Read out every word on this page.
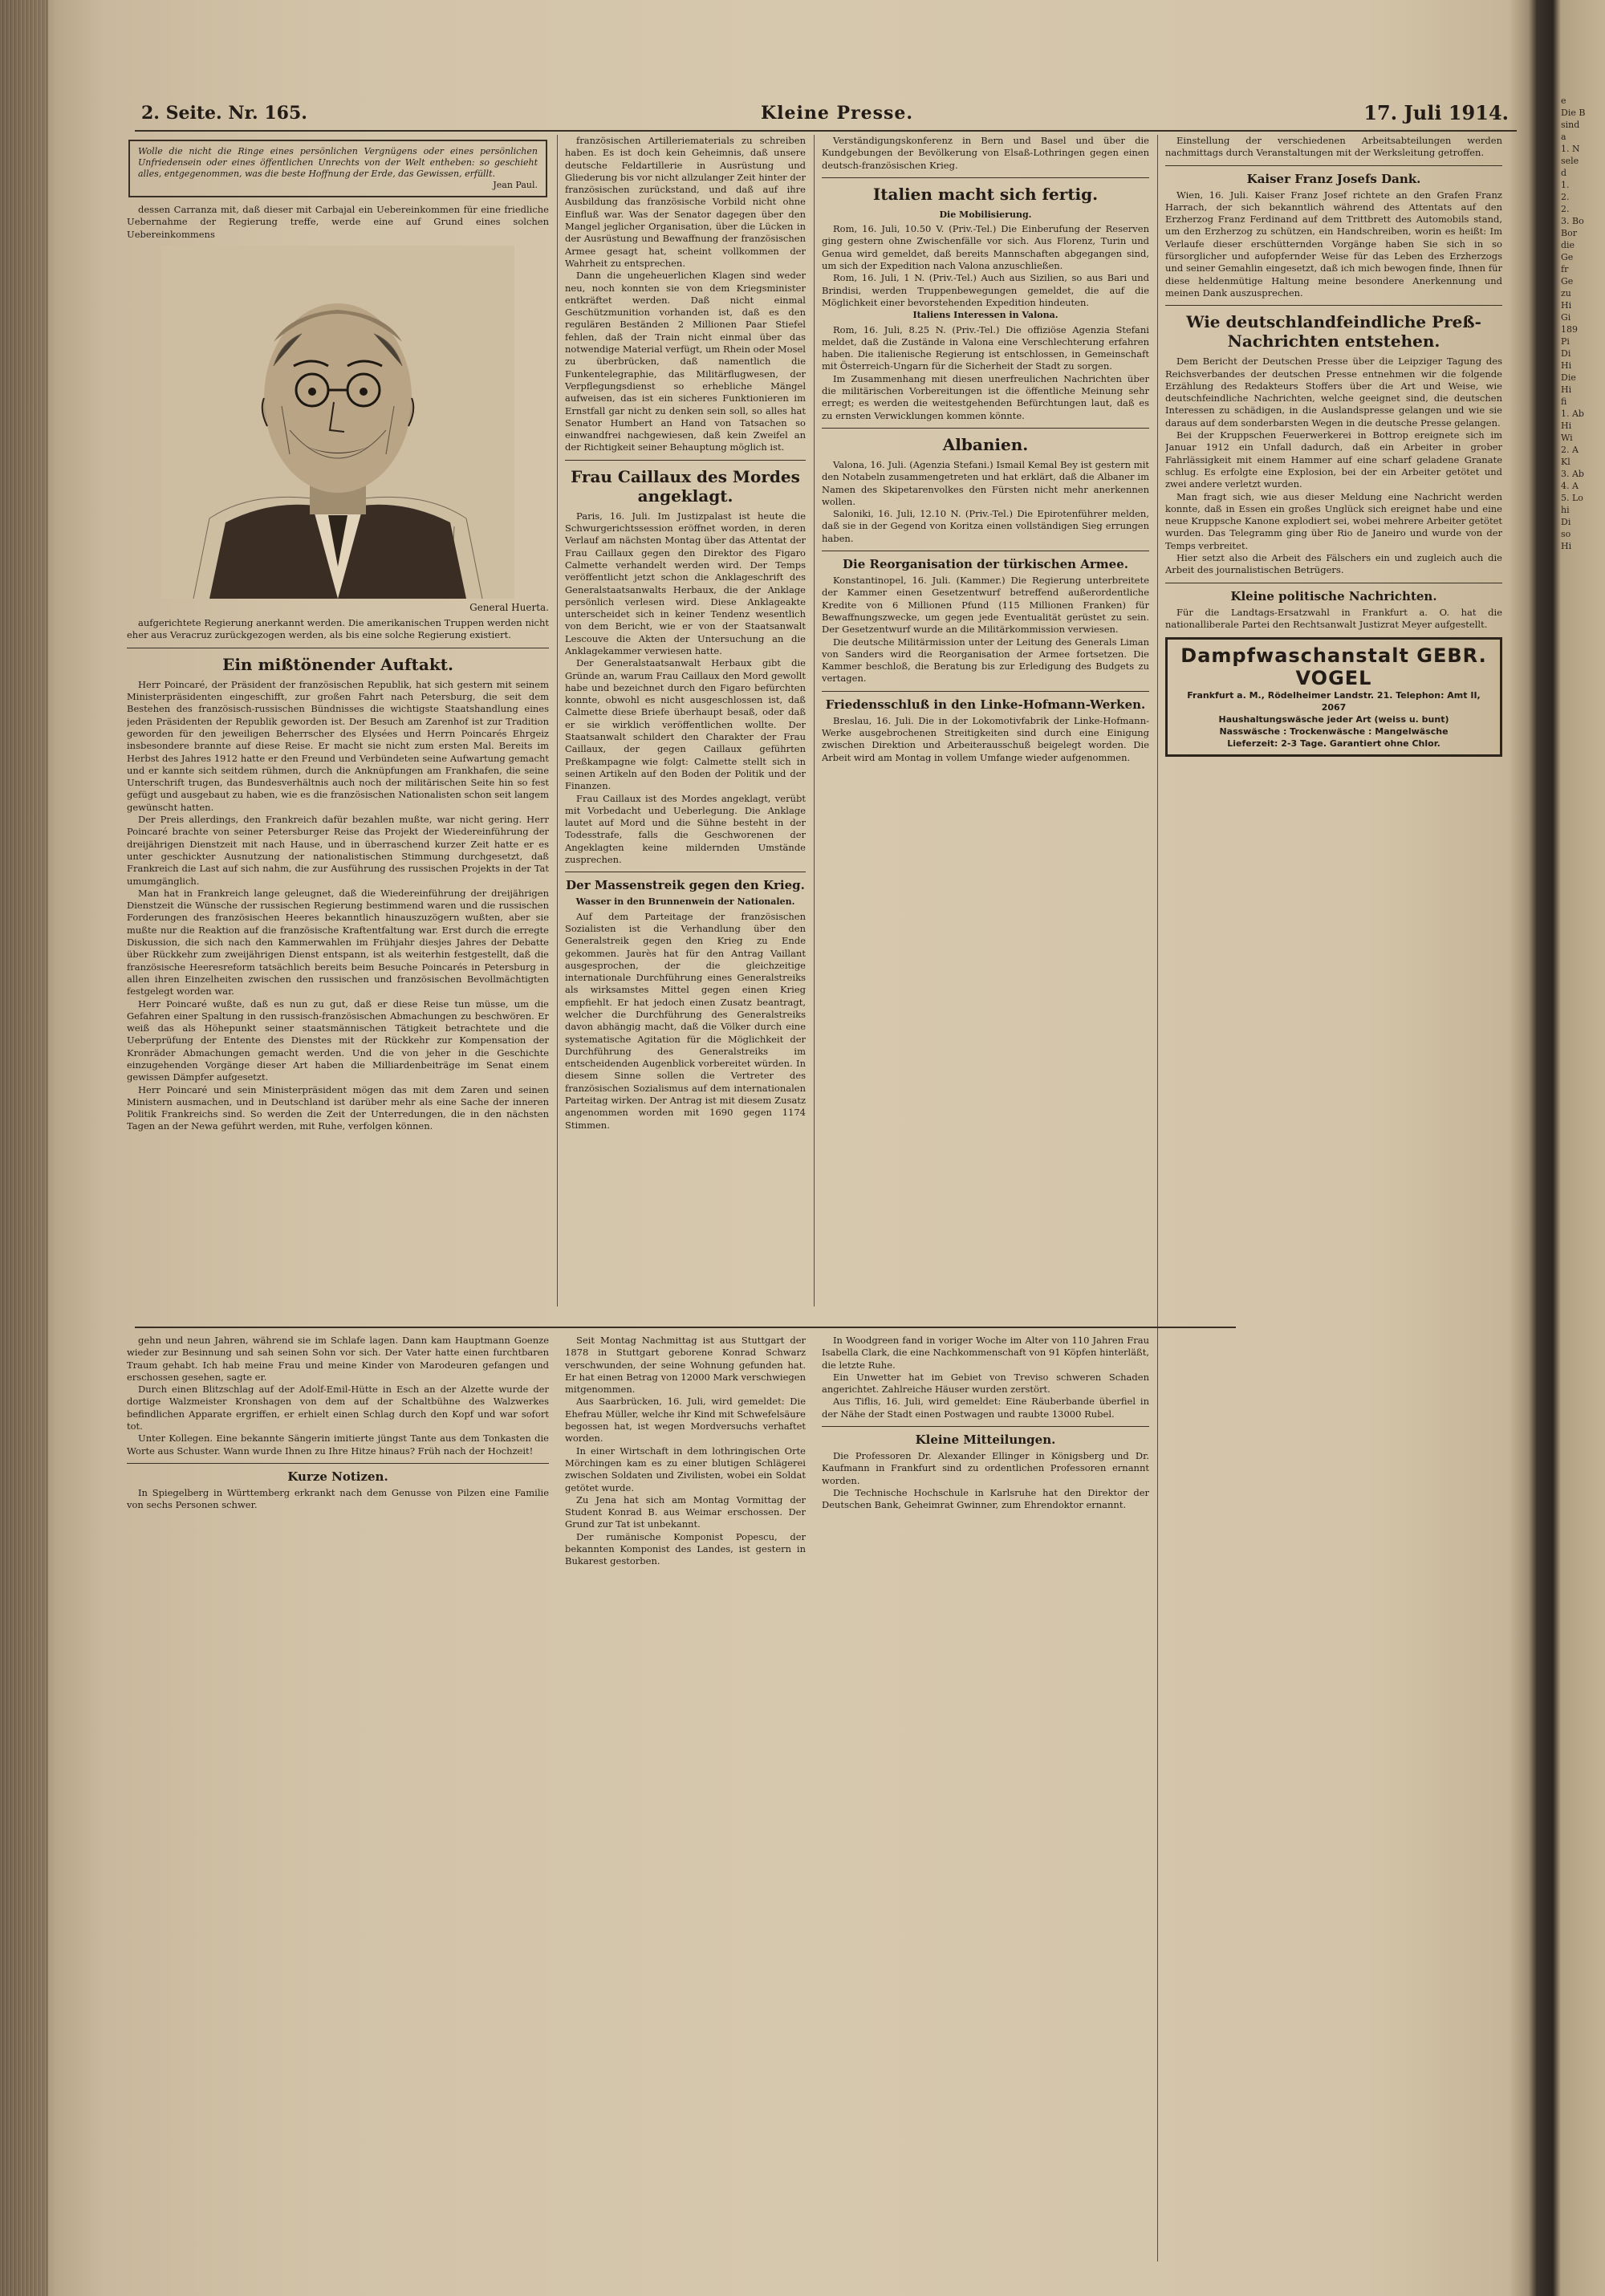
2. Seite. Nr. 165.	Kleine Presse.	17. Juli 1914.
Wolle die nicht die Ringe eines persönlichen Vergnügens oder eines persönlichen Unfriedensein oder eines öffentlichen Unrechts von der Welt entheben: so geschieht alles, entgegenommen, was die beste Hoffnung der Erde, das Gewissen, erfüllt.
Jean Paul.

dessen Carranza mit, daß dieser mit Carbajal ein Uebereinkommen für eine friedliche Uebernahme der Regierung treffe, werde eine auf Grund eines solchen Uebereinkommens

General Huerta.

aufgerichtete Regierung anerkannt werden. Die amerikanischen Truppen werden nicht eher aus Veracruz zurückgezogen werden, als bis eine solche Regierung existiert.

Ein mißtönender Auftakt.

Herr Poincaré, der Präsident der französischen Republik, hat sich gestern mit seinem Ministerpräsidenten eingeschifft, zur großen Fahrt nach Petersburg, die seit dem Bestehen des französisch-russischen Bündnisses die wichtigste Staatshandlung eines jeden Präsidenten der Republik geworden ist. Der Besuch am Zarenhof ist zur Tradition geworden für den jeweiligen Beherrscher des Elysées und Herrn Poincarés Ehrgeiz insbesondere brannte auf diese Reise. Er macht sie nicht zum ersten Mal. Bereits im Herbst des Jahres 1912 hatte er den Freund und Verbündeten seine Aufwartung gemacht und er kannte sich seitdem rühmen, durch die Anknüpfungen am Frankhafen, die seine Unterschrift trugen, das Bundesverhältnis auch noch der militärischen Seite hin so fest gefügt und ausgebaut zu haben, wie es die französischen Nationalisten schon seit langem gewünscht hatten.

Der Preis allerdings, den Frankreich dafür bezahlen mußte, war nicht gering. Herr Poincaré brachte von seiner Petersburger Reise das Projekt der Wiedereinführung der dreijährigen Dienstzeit mit nach Hause, und in überraschend kurzer Zeit hatte er es unter geschickter Ausnutzung der nationalistischen Stimmung durchgesetzt, daß Frankreich die Last auf sich nahm, die zur Ausführung des russischen Projekts in der Tat umumgänglich.

Man hat in Frankreich lange geleugnet, daß die Wiedereinführung der dreijährigen Dienstzeit die Wünsche der russischen Regierung bestimmend waren und die russischen Forderungen des französischen Heeres bekanntlich hinauszuzögern wußten, aber sie mußte nur die Reaktion auf die französische Kraftentfaltung war. Erst durch die erregte Diskussion, die sich nach den Kammerwahlen im Frühjahr diesjes Jahres der Debatte über Rückkehr zum zweijährigen Dienst entspann, ist als weiterhin festgestellt, daß die französische Heeresreform tatsächlich bereits beim Besuche Poincarés in Petersburg in allen ihren Einzelheiten zwischen den russischen und französischen Bevollmächtigten festgelegt worden war.

Herr Poincaré wußte, daß es nun zu gut, daß er diese Reise tun müsse, um die Gefahren einer Spaltung in den russisch-französischen Abmachungen zu beschwören. Er weiß das als Höhepunkt seiner staatsmännischen Tätigkeit betrachtete und die Ueberprüfung der Entente des Dienstes mit der Rückkehr zur Kompensation der Kronräder Abmachungen gemacht werden. Und die von jeher in die Geschichte einzugehenden Vorgänge dieser Art haben die Milliardenbeiträge im Senat einem gewissen Dämpfer aufgesetzt.

Herr Poincaré und sein Ministerpräsident mögen das mit dem Zaren und seinen Ministern ausmachen, und in Deutschland ist darüber mehr als eine Sache der inneren Politik Frankreichs sind. So werden die Zeit der Unterredungen, die in den nächsten Tagen an der Newa geführt werden, mit Ruhe, verfolgen können.

französischen Artilleriematerials zu schreiben haben. Es ist doch kein Geheimnis, daß unsere deutsche Feldartillerie in Ausrüstung und Gliederung bis vor nicht allzulanger Zeit hinter der französischen zurückstand, und daß auf ihre Ausbildung das französische Vorbild nicht ohne Einfluß war. Was der Senator dagegen über den Mangel jeglicher Organisation, über die Lücken in der Ausrüstung und Bewaffnung der französischen Armee gesagt hat, scheint vollkommen der Wahrheit zu entsprechen.

Dann die ungeheuerlichen Klagen sind weder neu, noch konnten sie von dem Kriegsminister entkräftet werden. Daß nicht einmal Geschützmunition vorhanden ist, daß es den regulären Beständen 2 Millionen Paar Stiefel fehlen, daß der Train nicht einmal über das notwendige Material verfügt, um Rhein oder Mosel zu überbrücken, daß namentlich die Funkentelegraphie, das Militärflugwesen, der Verpflegungsdienst so erhebliche Mängel aufweisen, das ist ein sicheres Funktionieren im Ernstfall gar nicht zu denken sein soll, so alles hat Senator Humbert an Hand von Tatsachen so einwandfrei nachgewiesen, daß kein Zweifel an der Richtigkeit seiner Behauptung möglich ist.

Frau Caillaux des Mordes angeklagt.

Paris, 16. Juli. Im Justizpalast ist heute die Schwurgerichtssession eröffnet worden, in deren Verlauf am nächsten Montag über das Attentat der Frau Caillaux gegen den Direktor des Figaro Calmette verhandelt werden wird. Der Temps veröffentlicht jetzt schon die Anklageschrift des Generalstaatsanwalts Herbaux, die der Anklage persönlich verlesen wird. Diese Anklageakte unterscheidet sich in keiner Tendenz wesentlich von dem Bericht, wie er von der Staatsanwalt Lescouve die Akten der Untersuchung an die Anklagekammer verwiesen hatte.

Der Generalstaatsanwalt Herbaux gibt die Gründe an, warum Frau Caillaux den Mord gewollt habe und bezeichnet durch den Figaro befürchten konnte, obwohl es nicht ausgeschlossen ist, daß Calmette diese Briefe überhaupt besaß, oder daß er sie wirklich veröffentlichen wollte. Der Staatsanwalt schildert den Charakter der Frau Caillaux, der gegen Caillaux geführten Preßkampagne wie folgt: Calmette stellt sich in seinen Artikeln auf den Boden der Politik und der Finanzen.

Frau Caillaux ist des Mordes angeklagt, verübt mit Vorbedacht und Ueberlegung. Die Anklage lautet auf Mord und die Sühne besteht in der Todesstrafe, falls die Geschworenen der Angeklagten keine mildernden Umstände zusprechen.

Der Massenstreik gegen den Krieg.
Wasser in den Brunnenwein der Nationalen.

Auf dem Parteitage der französischen Sozialisten ist die Verhandlung über den Generalstreik gegen den Krieg zu Ende gekommen. Jaurès hat für den Antrag Vaillant ausgesprochen, der die gleichzeitige internationale Durchführung eines Generalstreiks als wirksamstes Mittel gegen einen Krieg empfiehlt. Er hat jedoch einen Zusatz beantragt, welcher die Durchführung des Generalstreiks davon abhängig macht, daß die Völker durch eine systematische Agitation für die Möglichkeit der Durchführung des Generalstreiks im entscheidenden Augenblick vorbereitet würden. In diesem Sinne sollen die Vertreter des französischen Sozialismus auf dem internationalen Parteitag wirken. Der Antrag ist mit diesem Zusatz angenommen worden mit 1690 gegen 1174 Stimmen.

Verständigungskonferenz in Bern und Basel und über die Kundgebungen der Bevölkerung von Elsaß-Lothringen gegen einen deutsch-französischen Krieg.

Italien macht sich fertig.
Die Mobilisierung.

Rom, 16. Juli, 10.50 V. (Priv.-Tel.) Die Einberufung der Reserven ging gestern ohne Zwischenfälle vor sich. Aus Florenz, Turin und Genua wird gemeldet, daß bereits Mannschaften abgegangen sind, um sich der Expedition nach Valona anzuschließen.

Rom, 16. Juli, 1 N. (Priv.-Tel.) Auch aus Sizilien, so aus Bari und Brindisi, werden Truppenbewegungen gemeldet, die auf die Möglichkeit einer bevorstehenden Expedition hindeuten.

Italiens Interessen in Valona.

Rom, 16. Juli, 8.25 N. (Priv.-Tel.) Die offiziöse Agenzia Stefani meldet, daß die Zustände in Valona eine Verschlechterung erfahren haben. Die italienische Regierung ist entschlossen, in Gemeinschaft mit Österreich-Ungarn für die Sicherheit der Stadt zu sorgen.

Im Zusammenhang mit diesen unerfreulichen Nachrichten über die militärischen Vorbereitungen ist die öffentliche Meinung sehr erregt; es werden die weitestgehenden Befürchtungen laut, daß es zu ernsten Verwicklungen kommen könnte.

Albanien.

Valona, 16. Juli. (Agenzia Stefani.) Ismail Kemal Bey ist gestern mit den Notabeln zusammengetreten und hat erklärt, daß die Albaner im Namen des Skipetarenvolkes den Fürsten nicht mehr anerkennen wollen.

Saloniki, 16. Juli, 12.10 N. (Priv.-Tel.) Die Epirotenführer melden, daß sie in der Gegend von Koritza einen vollständigen Sieg errungen haben.

Die Reorganisation der türkischen Armee.

Konstantinopel, 16. Juli. (Kammer.) Die Regierung unterbreitete der Kammer einen Gesetzentwurf betreffend außerordentliche Kredite von 6 Millionen Pfund (115 Millionen Franken) für Bewaffnungszwecke, um gegen jede Eventualität gerüstet zu sein. Der Gesetzentwurf wurde an die Militärkommission verwiesen.

Die deutsche Militärmission unter der Leitung des Generals Liman von Sanders wird die Reorganisation der Armee fortsetzen. Die Kammer beschloß, die Beratung bis zur Erledigung des Budgets zu vertagen.

Friedensschluß in den Linke-Hofmann-Werken.

Breslau, 16. Juli. Die in der Lokomotivfabrik der Linke-Hofmann-Werke ausgebrochenen Streitigkeiten sind durch eine Einigung zwischen Direktion und Arbeiterausschuß beigelegt worden. Die Arbeit wird am Montag in vollem Umfange wieder aufgenommen.

Einstellung der verschiedenen Arbeitsabteilungen werden nachmittags durch Veranstaltungen mit der Werksleitung getroffen.

Kaiser Franz Josefs Dank.

Wien, 16. Juli. Kaiser Franz Josef richtete an den Grafen Franz Harrach, der sich bekanntlich während des Attentats auf den Erzherzog Franz Ferdinand auf dem Trittbrett des Automobils stand, um den Erzherzog zu schützen, ein Handschreiben, worin es heißt: Im Verlaufe dieser erschütternden Vorgänge haben Sie sich in so fürsorglicher und aufopfernder Weise für das Leben des Erzherzogs und seiner Gemahlin eingesetzt, daß ich mich bewogen finde, Ihnen für diese heldenmütige Haltung meine besondere Anerkennung und meinen Dank auszusprechen.

Wie deutschlandfeindliche Preß-Nachrichten entstehen.

Dem Bericht der Deutschen Presse über die Leipziger Tagung des Reichsverbandes der deutschen Presse entnehmen wir die folgende Erzählung des Redakteurs Stoffers über die Art und Weise, wie deutschfeindliche Nachrichten, welche geeignet sind, die deutschen Interessen zu schädigen, in die Auslandspresse gelangen und wie sie daraus auf dem sonderbarsten Wegen in die deutsche Presse gelangen.

Bei der Kruppschen Feuerwerkerei in Bottrop ereignete sich im Januar 1912 ein Unfall dadurch, daß ein Arbeiter in grober Fahrlässigkeit mit einem Hammer auf eine scharf geladene Granate schlug. Es erfolgte eine Explosion, bei der ein Arbeiter getötet und zwei andere verletzt wurden.

Man fragt sich, wie aus dieser Meldung eine Nachricht werden konnte, daß in Essen ein großes Unglück sich ereignet habe und eine neue Kruppsche Kanone explodiert sei, wobei mehrere Arbeiter getötet wurden. Das Telegramm ging über Rio de Janeiro und wurde von der Temps verbreitet.

Hier setzt also die Arbeit des Fälschers ein und zugleich auch die Arbeit des journalistischen Betrügers.

Kleine politische Nachrichten.

Für die Landtags-Ersatzwahl in Frankfurt a. O. hat die nationalliberale Partei den Rechtsanwalt Justizrat Meyer aufgestellt.

Dampfwaschanstalt GEBR. VOGEL
Frankfurt a. M., Rödelheimer Landstr. 21. Telephon: Amt II, 2067
Haushaltungswäsche jeder Art (weiss u. bunt)
Nasswäsche : Trockenwäsche : Mangelwäsche
Lieferzeit: 2-3 Tage. Garantiert ohne Chlor.

gehn und neun Jahren, während sie im Schlafe lagen. Dann kam Hauptmann Goenze wieder zur Besinnung und sah seinen Sohn vor sich. Der Vater hatte einen furchtbaren Traum gehabt. Ich hab meine Frau und meine Kinder von Marodeuren gefangen und erschossen gesehen, sagte er.

Durch einen Blitzschlag auf der Adolf-Emil-Hütte in Esch an der Alzette wurde der dortige Walzmeister Kronshagen von dem auf der Schaltbühne des Walzwerkes befindlichen Apparate ergriffen, er erhielt einen Schlag durch den Kopf und war sofort tot.

Unter Kollegen. Eine bekannte Sängerin imitierte jüngst Tante aus dem Tonkasten die Worte aus Schuster. Wann wurde Ihnen zu Ihre Hitze hinaus? Früh nach der Hochzeit!

Kurze Notizen.

In Spiegelberg in Württemberg erkrankt nach dem Genusse von Pilzen eine Familie von sechs Personen schwer.

Seit Montag Nachmittag ist aus Stuttgart der 1878 in Stuttgart geborene Konrad Schwarz verschwunden, der seine Wohnung gefunden hat. Er hat einen Betrag von 12000 Mark verschwiegen mitgenommen.

Aus Saarbrücken, 16. Juli, wird gemeldet: Die Ehefrau Müller, welche ihr Kind mit Schwefelsäure begossen hat, ist wegen Mordversuchs verhaftet worden.

In einer Wirtschaft in dem lothringischen Orte Mörchingen kam es zu einer blutigen Schlägerei zwischen Soldaten und Zivilisten, wobei ein Soldat getötet wurde.

Zu Jena hat sich am Montag Vormittag der Student Konrad B. aus Weimar erschossen. Der Grund zur Tat ist unbekannt.

Der rumänische Komponist Popescu, der bekannten Komponist des Landes, ist gestern in Bukarest gestorben.

In Woodgreen fand in voriger Woche im Alter von 110 Jahren Frau Isabella Clark, die eine Nachkommenschaft von 91 Köpfen hinterläßt, die letzte Ruhe.

Ein Unwetter hat im Gebiet von Treviso schweren Schaden angerichtet. Zahlreiche Häuser wurden zerstört.

Aus Tiflis, 16. Juli, wird gemeldet: Eine Räuberbande überfiel in der Nähe der Stadt einen Postwagen und raubte 13000 Rubel.

Kleine Mitteilungen.

Die Professoren Dr. Alexander Ellinger in Königsberg und Dr. Kaufmann in Frankfurt sind zu ordentlichen Professoren ernannt worden.

Die Technische Hochschule in Karlsruhe hat den Direktor der Deutschen Bank, Geheimrat Gwinner, zum Ehrendoktor ernannt.

e
Die B
sind
a
1. N
sele
d
1.
2.
2.
3. Bo
Bor
die
Ge
fr
Ge
zu
Hi
Gi
189
Pi
Di
Hi
Die
Hi
fi
1. Ab
Hi
Wi
2. A
Kl
3. Ab
4. A
5. Lo
hi
Di
so
Hi
